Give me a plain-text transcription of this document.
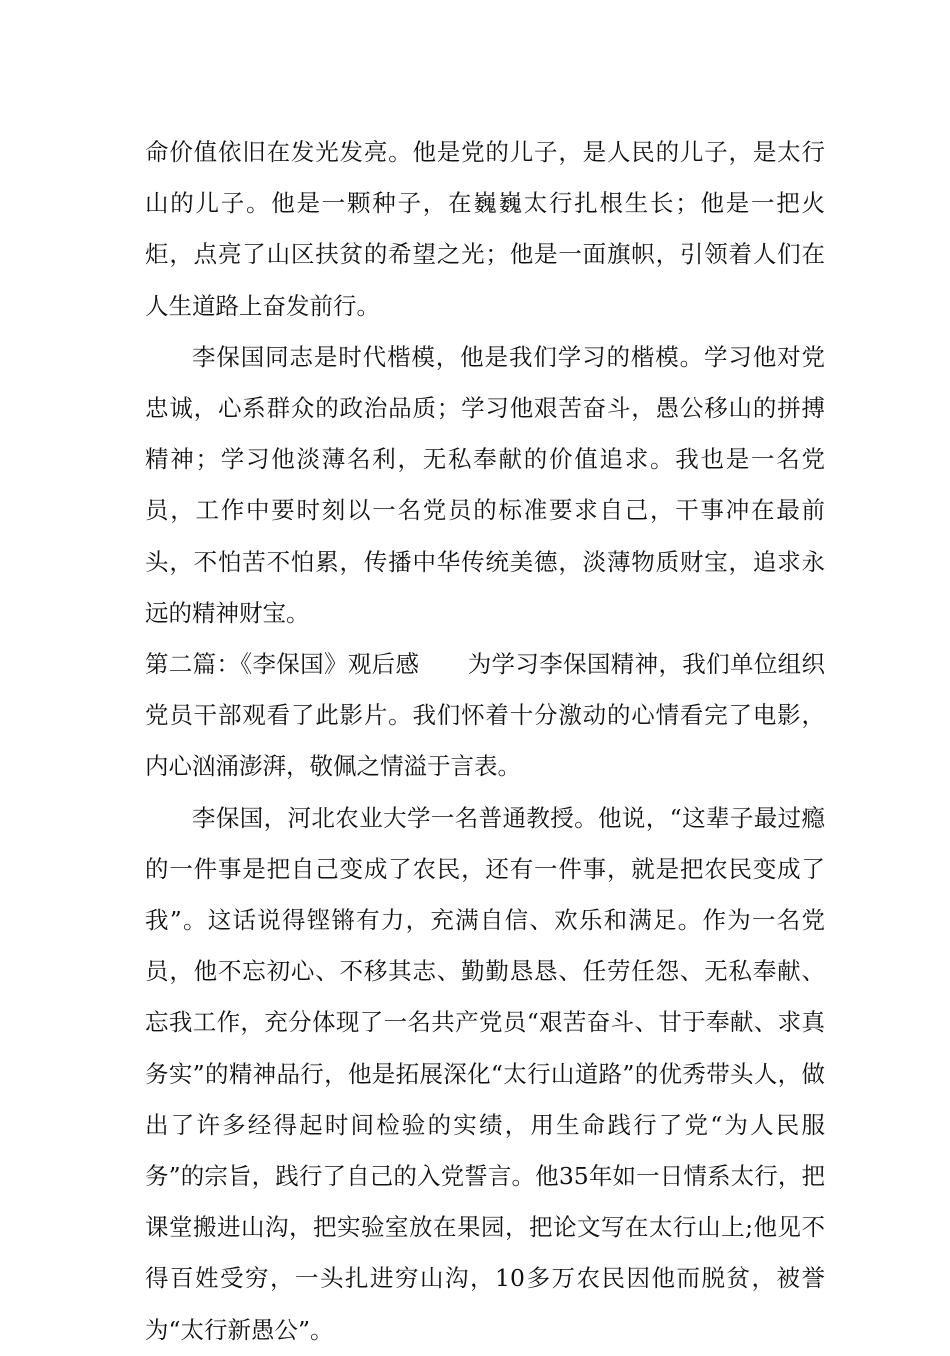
命价值依旧在发光发亮。他是党的儿子，是人民的儿子，是太行山的儿子。他是一颗种子，在巍巍太行扎根生长；他是一把火炬，点亮了山区扶贫的希望之光；他是一面旗帜，引领着人们在人生道路上奋发前行。

李保国同志是时代楷模，他是我们学习的楷模。学习他对党忠诚，心系群众的政治品质；学习他艰苦奋斗，愚公移山的拼搏精神；学习他淡薄名利，无私奉献的价值追求。我也是一名党员，工作中要时刻以一名党员的标准要求自己，干事冲在最前头，不怕苦不怕累，传播中华传统美德，淡薄物质财宝，追求永远的精神财宝。

第二篇：《李保国》观后感 为学习李保国精神，我们单位组织党员干部观看了此影片。我们怀着十分激动的心情看完了电影，内心汹涌澎湃，敬佩之情溢于言表。

李保国，河北农业大学一名普通教授。他说，“这辈子最过瘾的一件事是把自己变成了农民，还有一件事，就是把农民变成了我”。这话说得铿锵有力，充满自信、欢乐和满足。作为一名党员，他不忘初心、不移其志、勤勤恳恳、任劳任怨、无私奉献、忘我工作，充分体现了一名共产党员“艰苦奋斗、甘于奉献、求真务实”的精神品行，他是拓展深化“太行山道路”的优秀带头人，做出了许多经得起时间检验的实绩，用生命践行了党“为人民服务”的宗旨，践行了自己的入党誓言。他35年如一日情系太行，把课堂搬进山沟，把实验室放在果园，把论文写在太行山上;他见不得百姓受穷，一头扎进穷山沟，10多万农民因他而脱贫，被誉为“太行新愚公”。
